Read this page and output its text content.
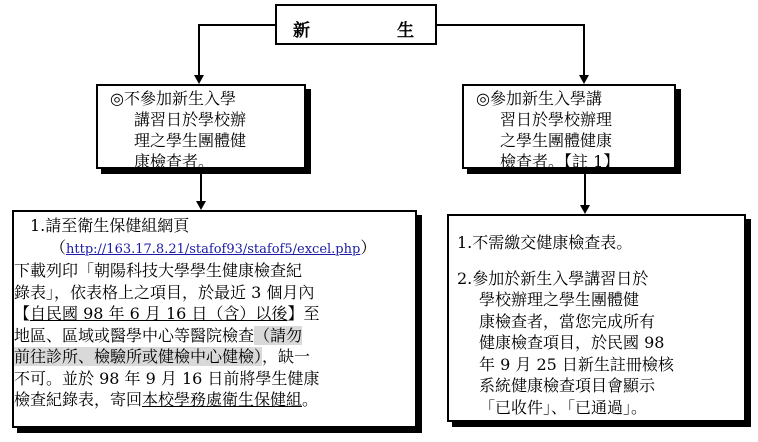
新	生
◎不參加新生入學
講習日於學校辦
理之學生團體健
康檢查者。
◎參加新生入學講
習日於學校辦理
之學生團體健康
檢查者。【註 1】
1.請至衛生保健組網頁
（http://163.17.8.21/stafof93/stafof5/excel.php）
下載列印「朝陽科技大學學生健康檢查紀
錄表」，依表格上之項目，於最近 3 個月內
【自民國 98 年 6 月 16 日（含）以後】至
地區、區域或醫學中心等醫院檢查（請勿
前往診所、檢驗所或健檢中心健檢），缺一
不可。並於 98 年 9 月 16 日前將學生健康
檢查紀錄表，寄回本校學務處衛生保健組。
1.不需繳交健康檢查表。
2.參加於新生入學講習日於
學校辦理之學生團體健
康檢查者，當您完成所有
健康檢查項目，於民國 98
年 9 月 25 日新生註冊檢核
系統健康檢查項目會顯示
「已收件」、「已通過」。
